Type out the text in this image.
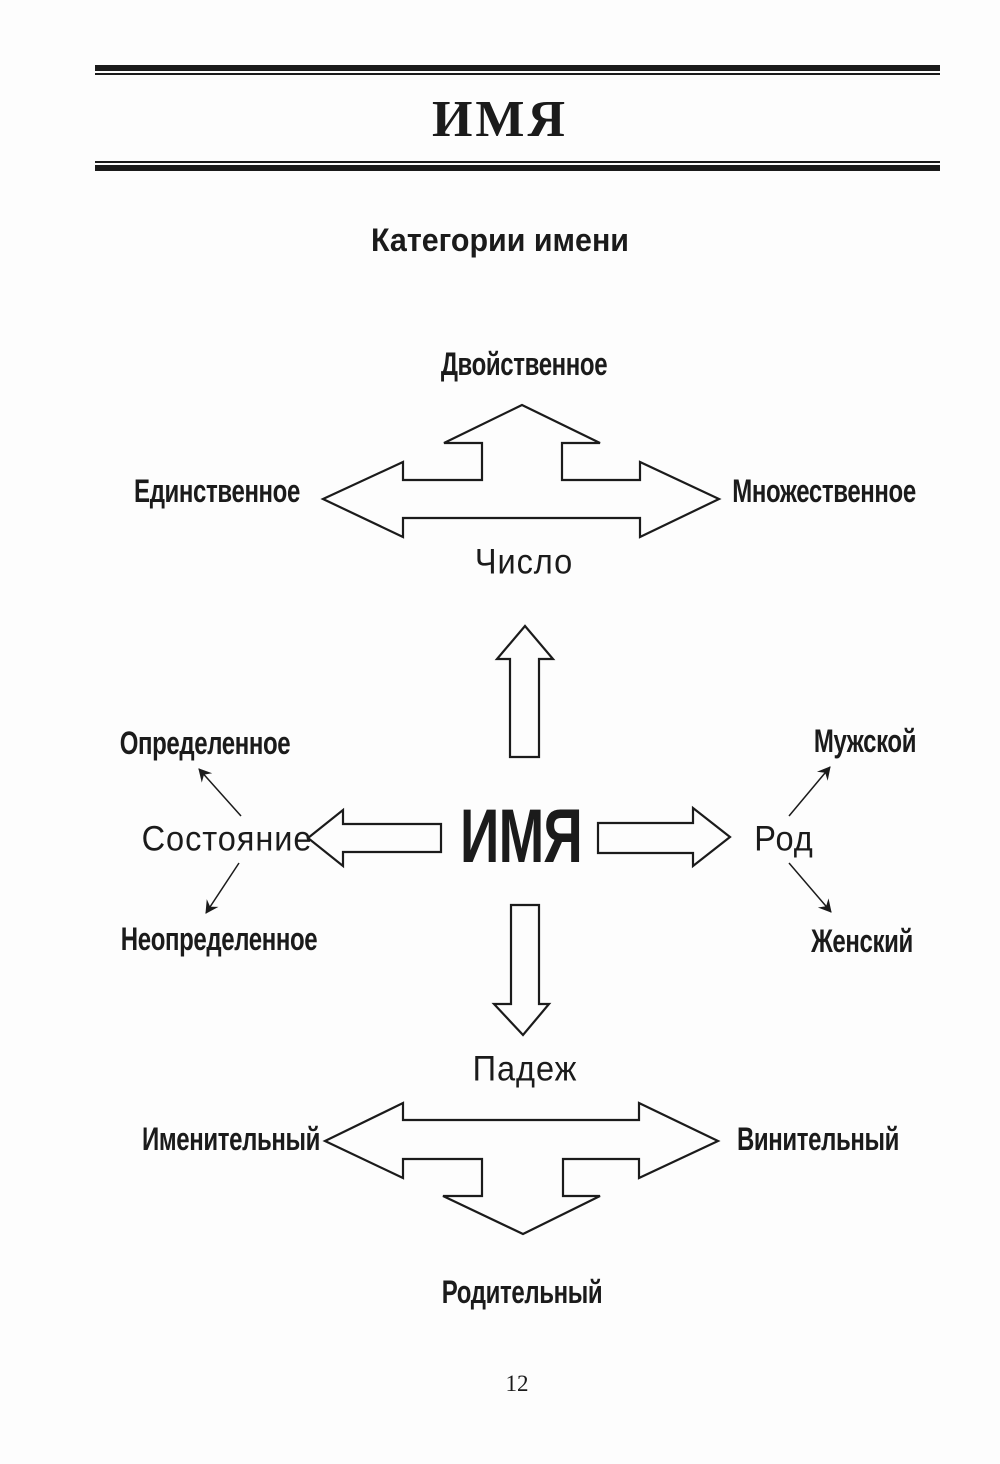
ИМЯ
Категории имени
Двойственное
Единственное	Множественное
Число
Определенное
Состояние
Неопределенное
ИМЯ
Мужской
Род
Женский
Падеж
Именительный	Винительный
Родительный
12
